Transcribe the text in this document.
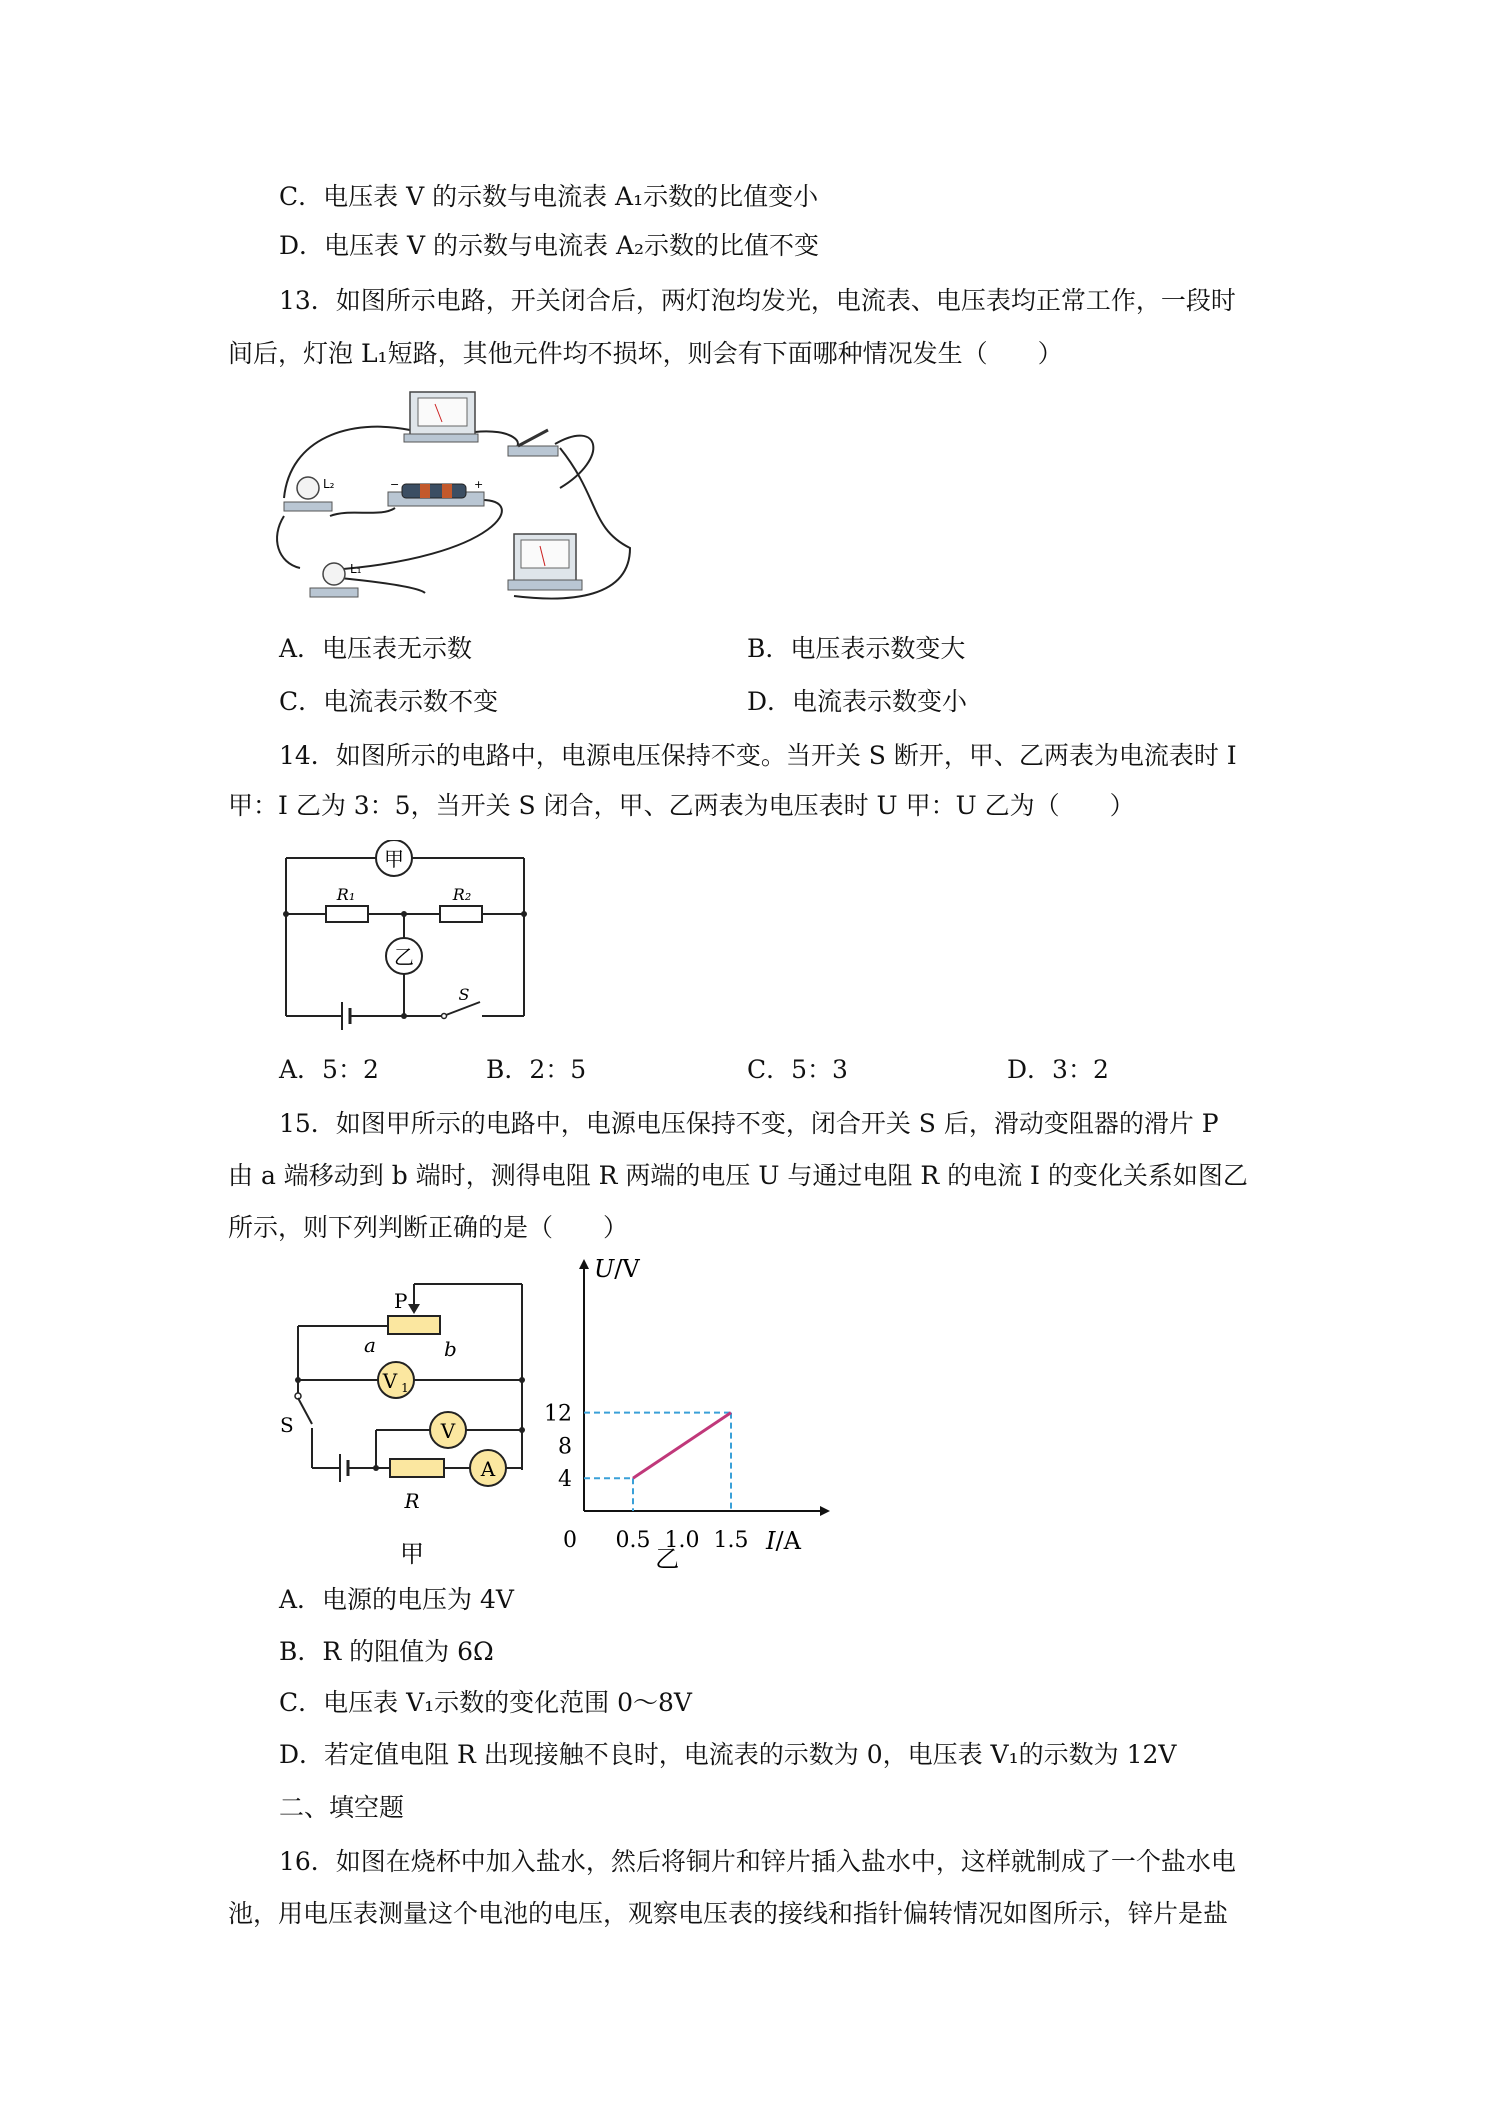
C．电压表 V 的示数与电流表 A₁示数的比值变小
D．电压表 V 的示数与电流表 A₂示数的比值不变
13．如图所示电路，开关闭合后，两灯泡均发光，电流表、电压表均正常工作，一段时
间后，灯泡 L₁短路，其他元件均不损坏，则会有下面哪种情况发生（　　）
L₂	−	+
L₁
A．电压表无示数	B．电压表示数变大
C．电流表示数不变	D．电流表示数变小
14．如图所示的电路中，电源电压保持不变。当开关 S 断开，甲、乙两表为电流表时 I
甲：I 乙为 3：5，当开关 S 闭合，甲、乙两表为电压表时 U 甲：U 乙为（　　）
甲
R₁	R₂
乙
S
A．5：2	B．2：5	C．5：3	D．3：2
15．如图甲所示的电路中，电源电压保持不变，闭合开关 S 后，滑动变阻器的滑片 P
由 a 端移动到 b 端时，测得电阻 R 两端的电压 U 与通过电阻 R 的电流 I 的变化关系如图乙
所示，则下列判断正确的是（　　）
P
a	b
V 1
S	V
A
R
甲
U/V
I/A
0 0.5 1.0 1.5
4
8
12
乙
A．电源的电压为 4V
B．R 的阻值为 6Ω
C．电压表 V₁示数的变化范围 0～8V
D．若定值电阻 R 出现接触不良时，电流表的示数为 0，电压表 V₁的示数为 12V
二、填空题
16．如图在烧杯中加入盐水，然后将铜片和锌片插入盐水中，这样就制成了一个盐水电
池，用电压表测量这个电池的电压，观察电压表的接线和指针偏转情况如图所示，锌片是盐
